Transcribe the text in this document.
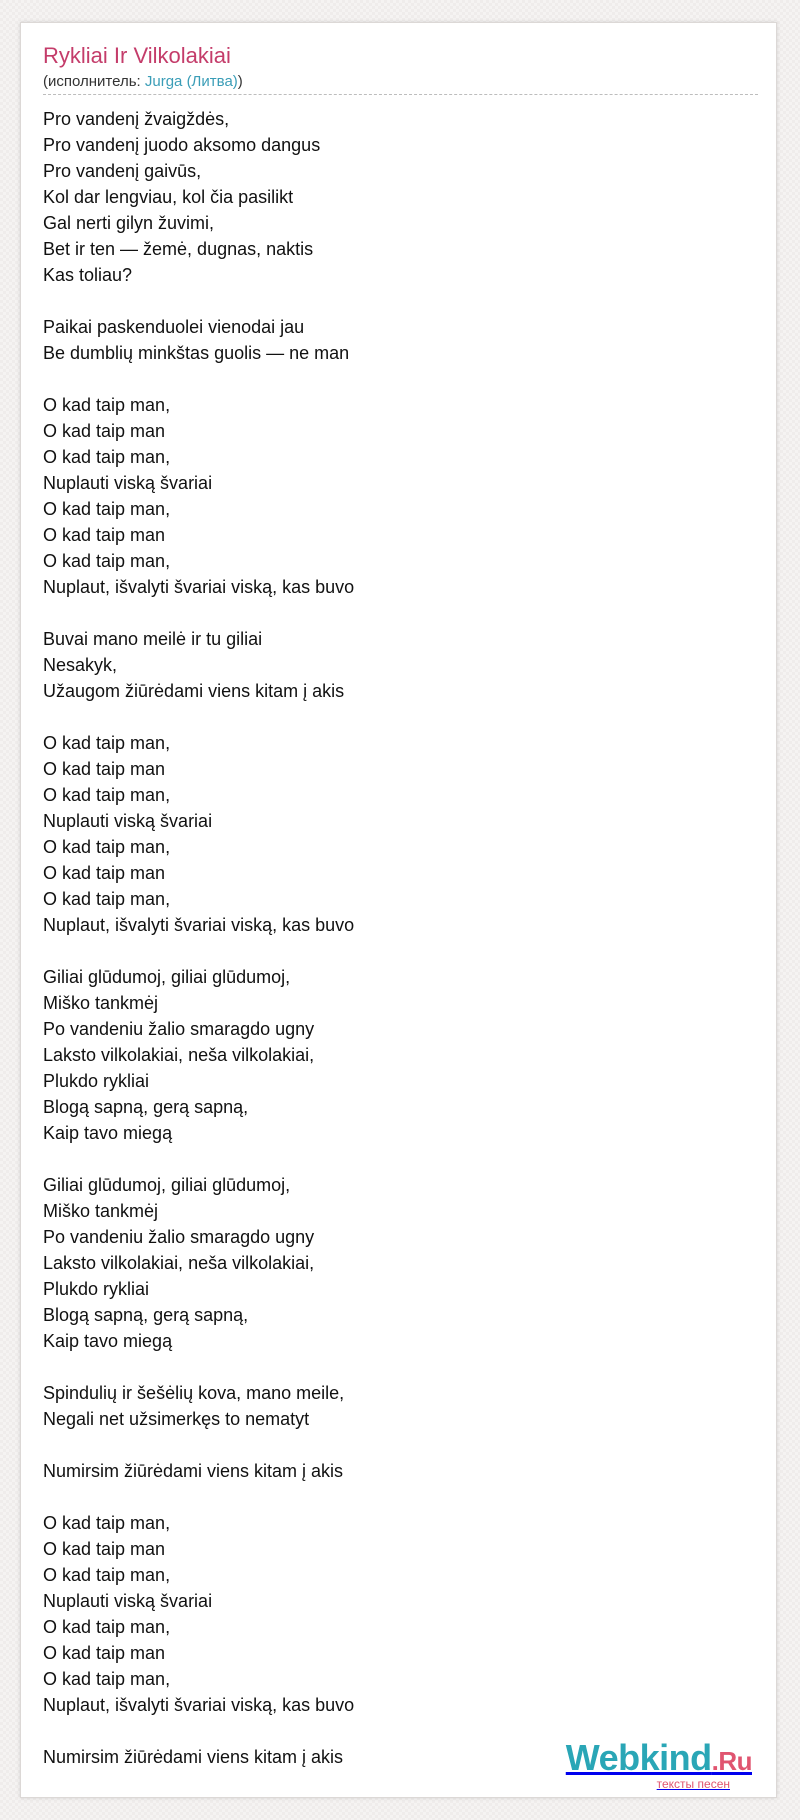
Rykliai Ir Vilkolakiai
(исполнитель: Jurga (Литва))
Pro vandenį žvaigždės,
Pro vandenį juodo aksomo dangus
Pro vandenį gaivūs,
Kol dar lengviau, kol čia pasilikt
Gal nerti gilyn žuvimi,
Bet ir ten — žemė, dugnas, naktis
Kas toliau?

Paikai paskenduolei vienodai jau
Be dumblių minkštas guolis — ne man

O kad taip man,
O kad taip man
O kad taip man,
Nuplauti viską švariai
O kad taip man,
O kad taip man
O kad taip man,
Nuplaut, išvalyti švariai viską, kas buvo

Buvai mano meilė ir tu giliai
Nesakyk,
Užaugom žiūrėdami viens kitam į akis

O kad taip man,
O kad taip man
O kad taip man,
Nuplauti viską švariai
O kad taip man,
O kad taip man
O kad taip man,
Nuplaut, išvalyti švariai viską, kas buvo

Giliai glūdumoj, giliai glūdumoj,
Miško tankmėj
Po vandeniu žalio smaragdo ugny
Laksto vilkolakiai, neša vilkolakiai,
Plukdo rykliai
Blogą sapną, gerą sapną,
Kaip tavo miegą

Giliai glūdumoj, giliai glūdumoj,
Miško tankmėj
Po vandeniu žalio smaragdo ugny
Laksto vilkolakiai, neša vilkolakiai,
Plukdo rykliai
Blogą sapną, gerą sapną,
Kaip tavo miegą

Spindulių ir šešėlių kova, mano meile,
Negali net užsimerkęs to nematyt

Numirsim žiūrėdami viens kitam į akis

O kad taip man,
O kad taip man
O kad taip man,
Nuplauti viską švariai
O kad taip man,
O kad taip man
O kad taip man,
Nuplaut, išvalyti švariai viską, kas buvo

Numirsim žiūrėdami viens kitam į akis	Webkind.Ru
тексты песен
